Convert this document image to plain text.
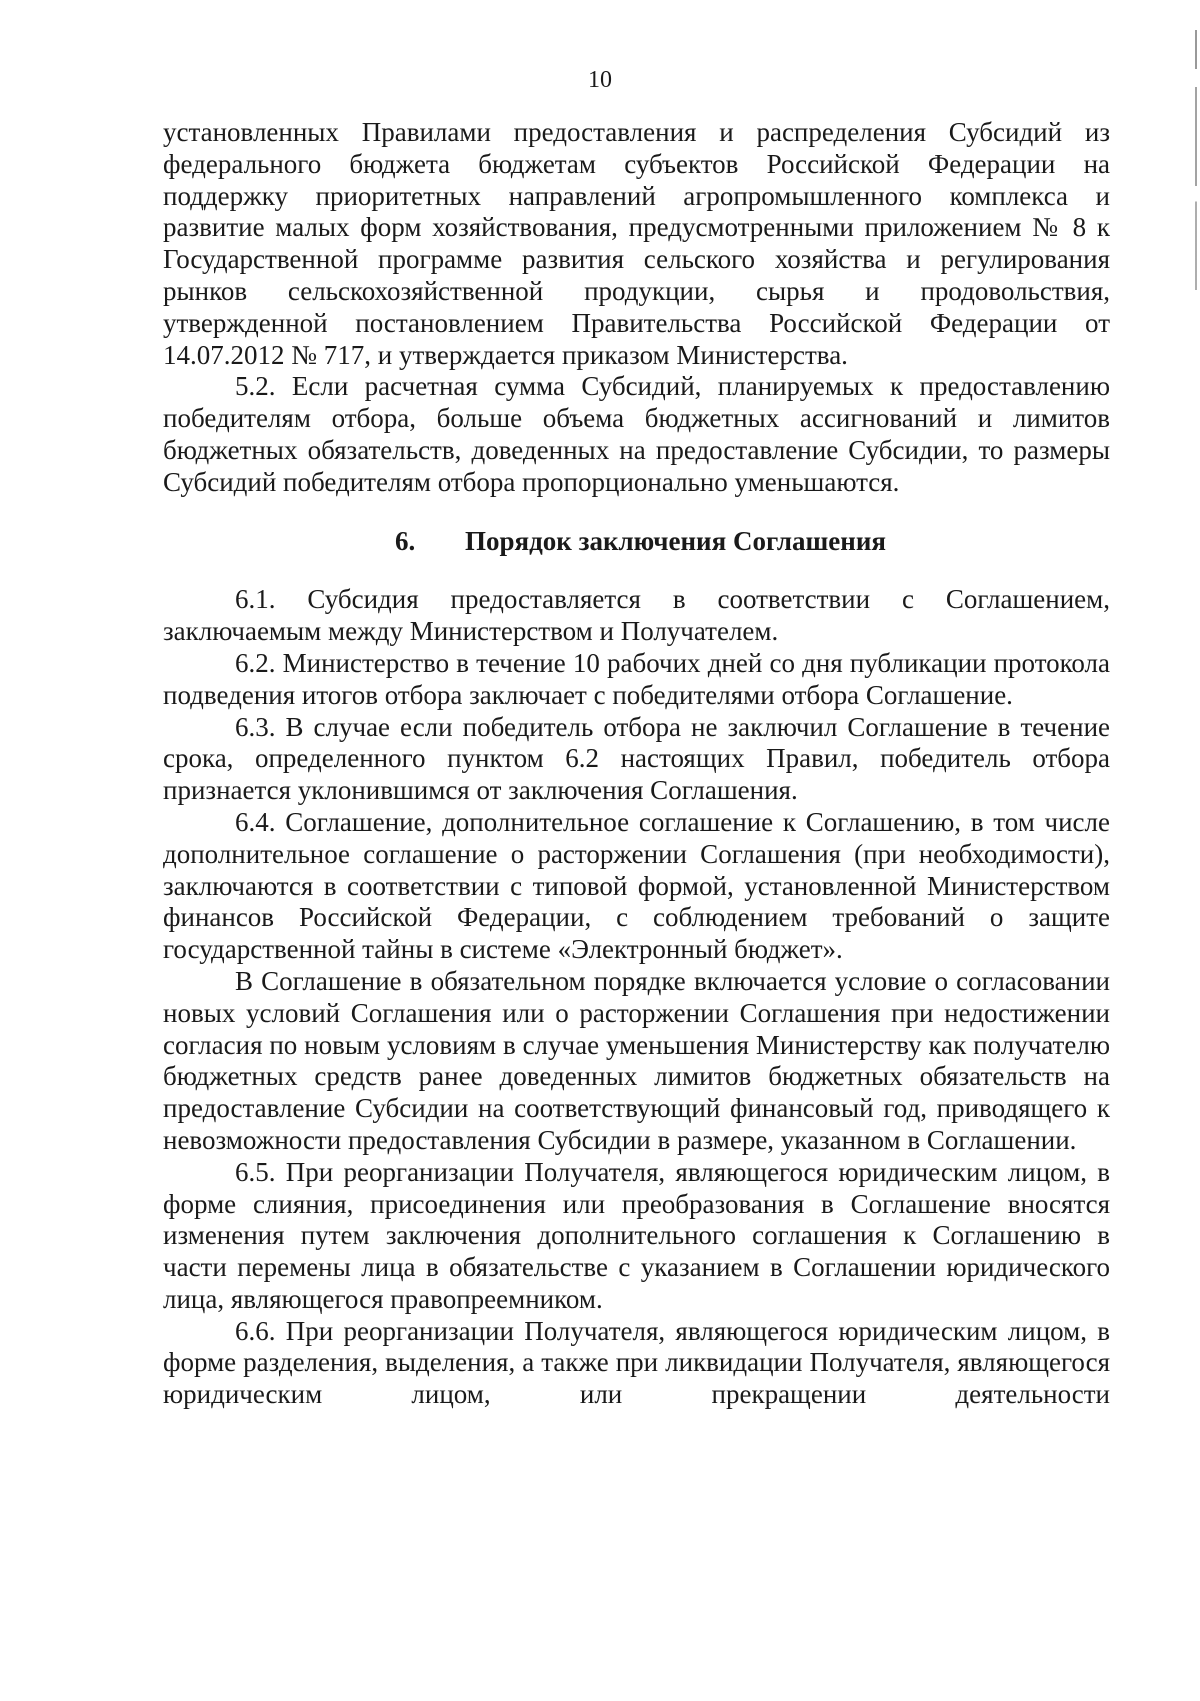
10

установленных Правилами предоставления и распределения Субсидий из федерального бюджета бюджетам субъектов Российской Федерации на поддержку приоритетных направлений агропромышленного комплекса и развитие малых форм хозяйствования, предусмотренными приложением № 8 к Государственной программе развития сельского хозяйства и регулирования рынков сельскохозяйственной продукции, сырья и продовольствия, утвержденной постановлением Правительства Российской Федерации от 14.07.2012 № 717, и утверждается приказом Министерства.

5.2. Если расчетная сумма Субсидий, планируемых к предоставлению победителям отбора, больше объема бюджетных ассигнований и лимитов бюджетных обязательств, доведенных на предоставление Субсидии, то размеры Субсидий победителям отбора пропорционально уменьшаются.

6. Порядок заключения Соглашения

6.1. Субсидия предоставляется в соответствии с Соглашением, заключаемым между Министерством и Получателем.

6.2. Министерство в течение 10 рабочих дней со дня публикации протокола подведения итогов отбора заключает с победителями отбора Соглашение.

6.3. В случае если победитель отбора не заключил Соглашение в течение срока, определенного пунктом 6.2 настоящих Правил, победитель отбора признается уклонившимся от заключения Соглашения.

6.4. Соглашение, дополнительное соглашение к Соглашению, в том числе дополнительное соглашение о расторжении Соглашения (при необходимости), заключаются в соответствии с типовой формой, установленной Министерством финансов Российской Федерации, с соблюдением требований о защите государственной тайны в системе «Электронный бюджет».

В Соглашение в обязательном порядке включается условие о согласовании новых условий Соглашения или о расторжении Соглашения при недостижении согласия по новым условиям в случае уменьшения Министерству как получателю бюджетных средств ранее доведенных лимитов бюджетных обязательств на предоставление Субсидии на соответствующий финансовый год, приводящего к невозможности предоставления Субсидии в размере, указанном в Соглашении.

6.5. При реорганизации Получателя, являющегося юридическим лицом, в форме слияния, присоединения или преобразования в Соглашение вносятся изменения путем заключения дополнительного соглашения к Соглашению в части перемены лица в обязательстве с указанием в Соглашении юридического лица, являющегося правопреемником.

6.6. При реорганизации Получателя, являющегося юридическим лицом, в форме разделения, выделения, а также при ликвидации Получателя, являющегося юридическим лицом, или прекращении деятельности
